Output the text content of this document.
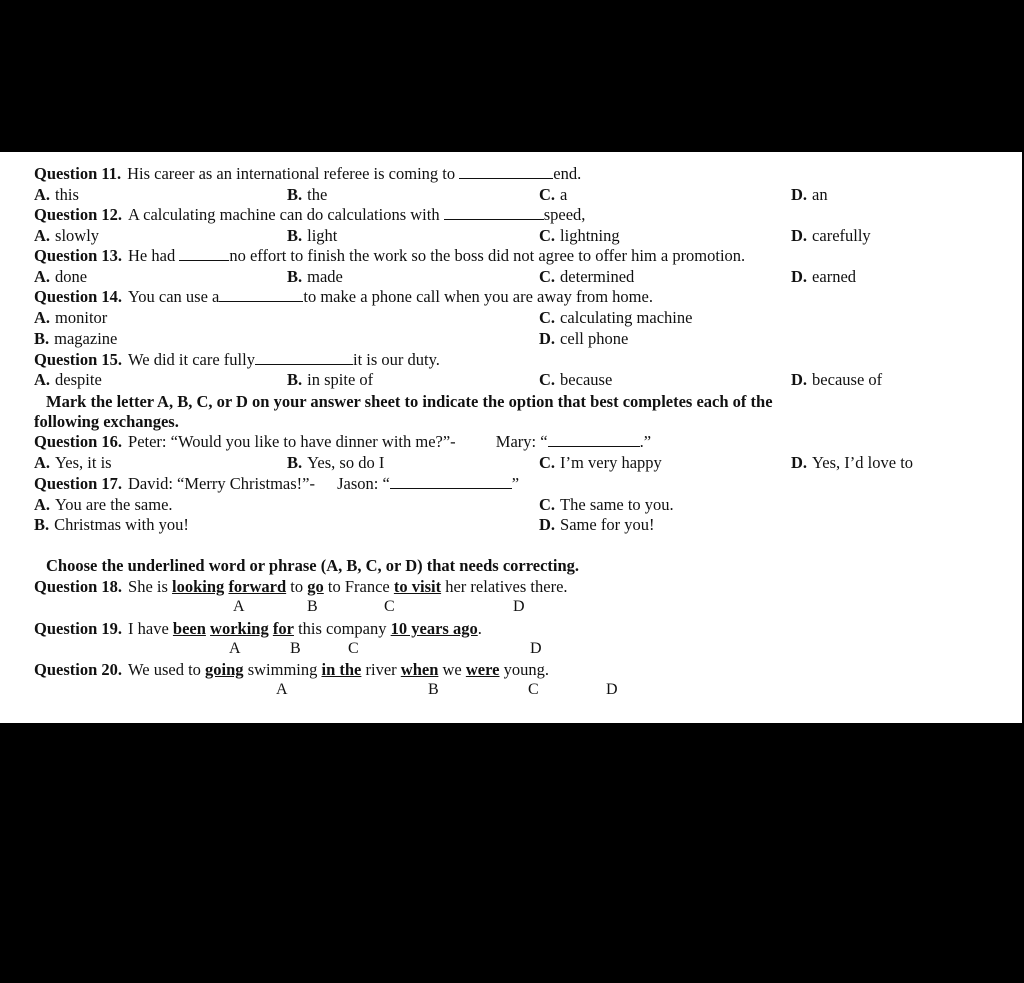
Question 11. His career as an international referee is coming to	end.
A. this	B. the	C. a	D. an
Question 12. A calculating machine can do calculations with	speed,
A. slowly	B. light	C. lightning	D. carefully
Question 13. He had	no effort to finish the work so the boss did not agree to offer him a promotion.
A. done	B. made	C. determined	D. earned
Question 14. You can use a	to make a phone call when you are away from home.
A. monitor	C. calculating machine
B. magazine	D. cell phone
Question 15. We did it care fully	it is our duty.
A. despite	B. in spite of	C. because	D. because of
Mark the letter A, B, C, or D on your answer sheet to indicate the option that best completes each of the
following exchanges.
Question 16. Peter: “Would you like to have dinner with me?”- Mary: “	.”
A. Yes, it is	B. Yes, so do I	C. I’m very happy	D. Yes, I’d love to
Question 17. David: “Merry Christmas!”- Jason: “	”
A. You are the same.	C. The same to you.
B. Christmas with you!	D. Same for you!
Choose the underlined word or phrase (A, B, C, or D) that needs correcting.
Question 18. She is looking forward to go to France to visit her relatives there.
A	B	C	D
Question 19. I have been working for this company 10 years ago.
A	B	C	D
Question 20. We used to going swimming in the river when we were young.
A	B	C	D
